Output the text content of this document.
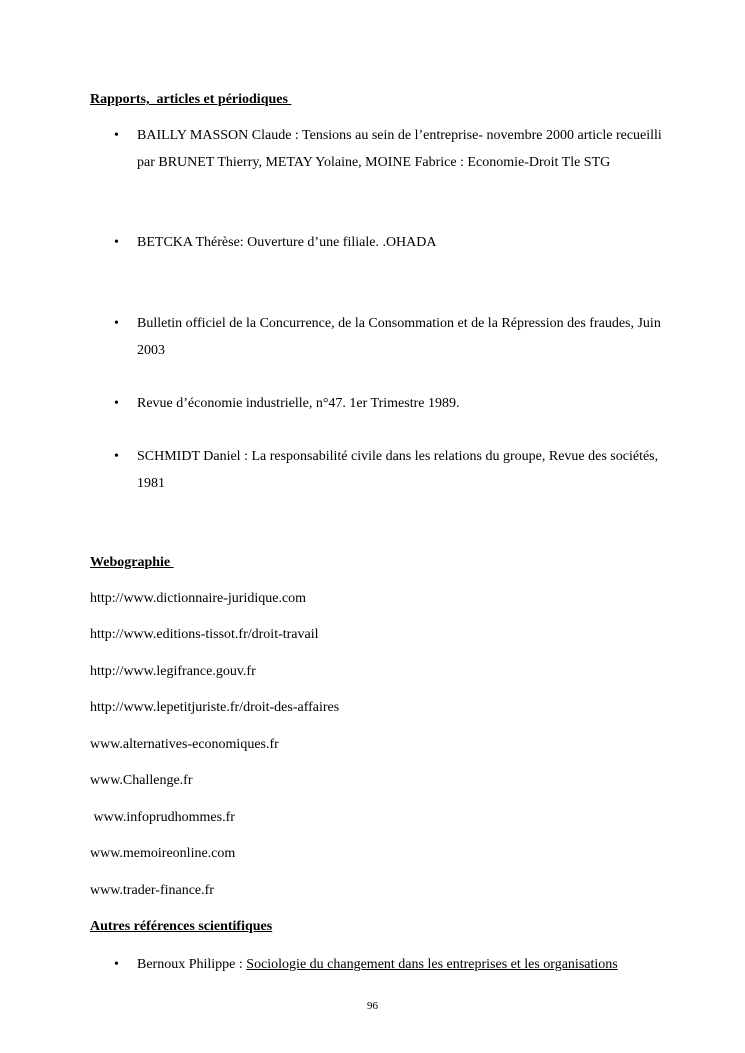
Rapports,  articles et périodiques

• BAILLY MASSON Claude : Tensions au sein de l’entreprise- novembre 2000 article recueilli par BRUNET Thierry, METAY Yolaine, MOINE Fabrice : Economie-Droit Tle STG
• BETCKA Thérèse: Ouverture d’une filiale. .OHADA
• Bulletin officiel de la Concurrence, de la Consommation et de la Répression des fraudes, Juin 2003
• Revue d’économie industrielle, n°47. 1er Trimestre 1989.
• SCHMIDT Daniel : La responsabilité civile dans les relations du groupe, Revue des sociétés, 1981

Webographie

http://www.dictionnaire-juridique.com
http://www.editions-tissot.fr/droit-travail
http://www.legifrance.gouv.fr
http://www.lepetitjuriste.fr/droit-des-affaires
www.alternatives-economiques.fr
www.Challenge.fr
www.infoprudhommes.fr
www.memoireonline.com
www.trader-finance.fr

Autres références scientifiques

• Bernoux Philippe : Sociologie du changement dans les entreprises et les organisations
96
